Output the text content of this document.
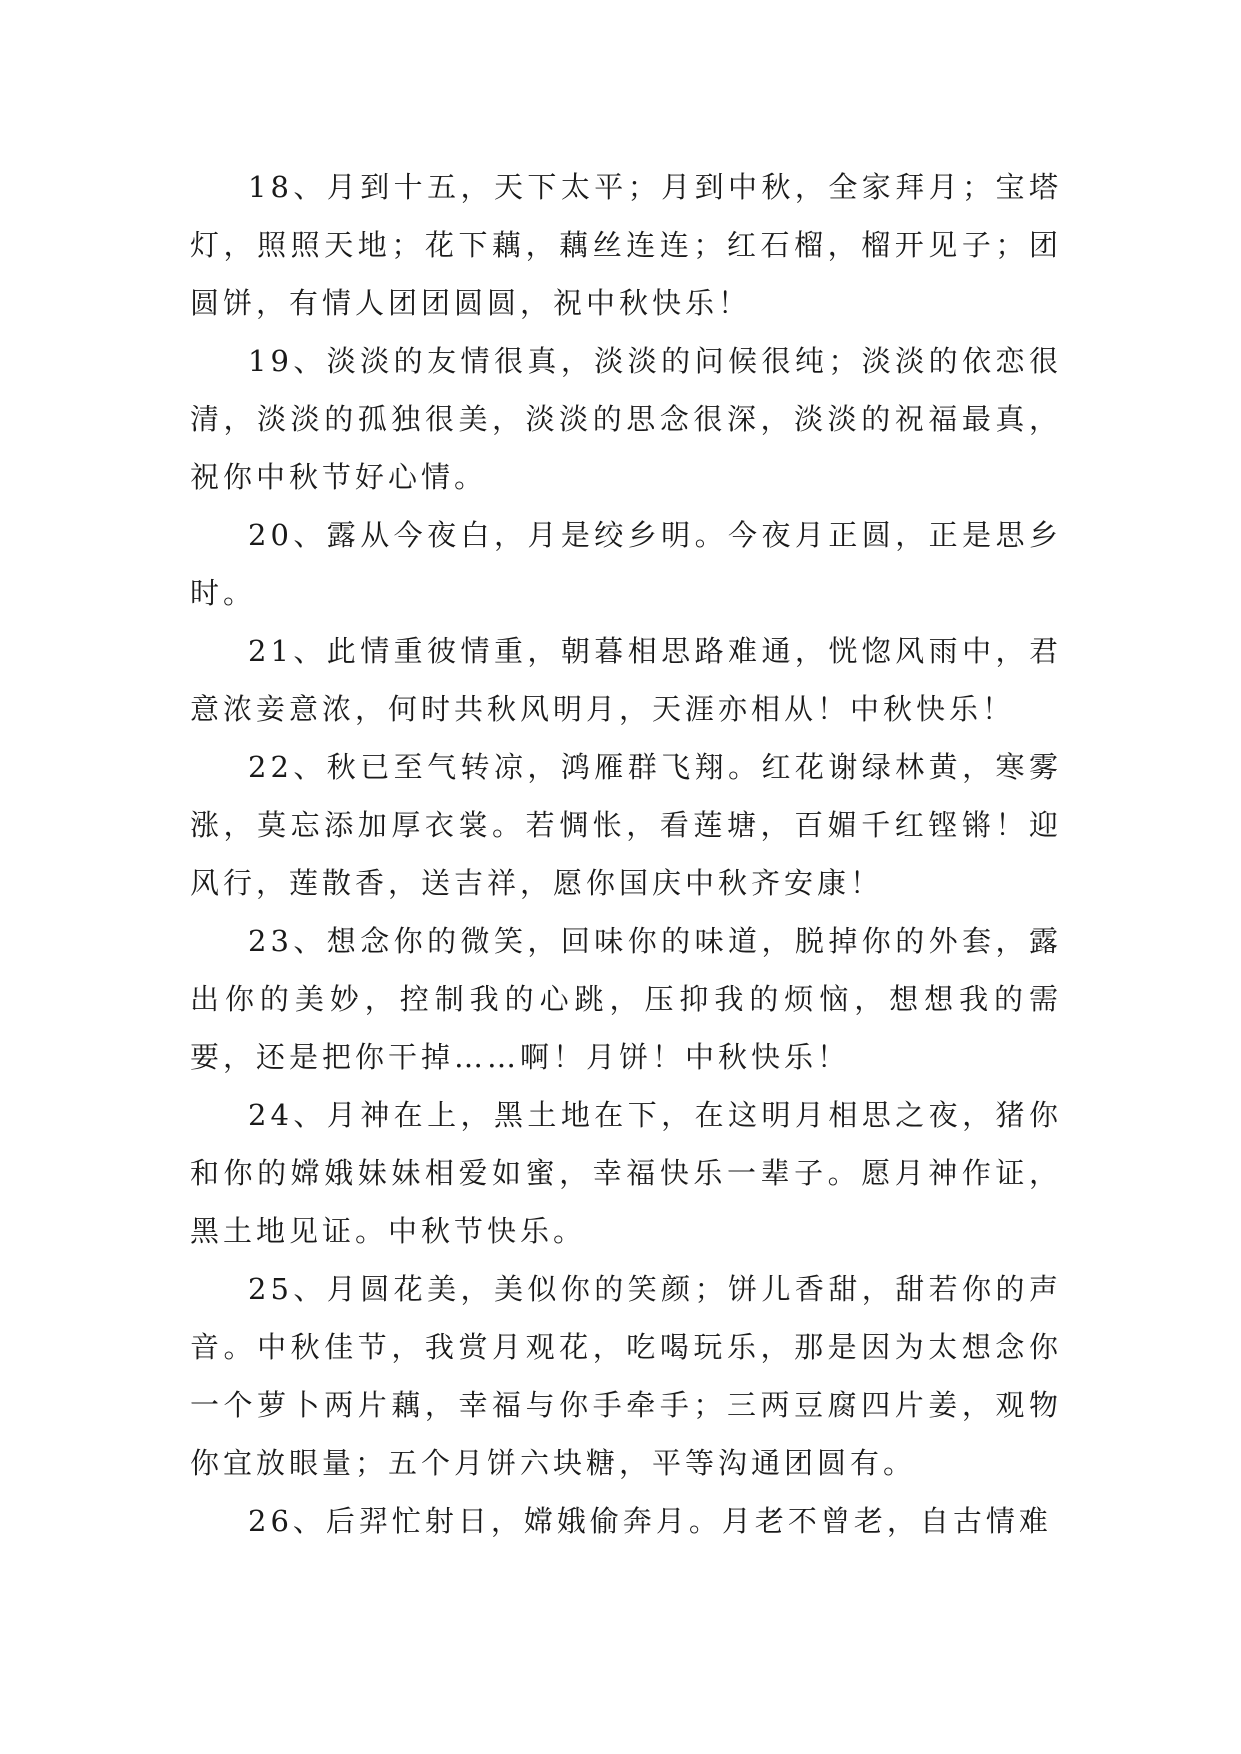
18、月到十五，天下太平；月到中秋，全家拜月；宝塔灯，照照天地；花下藕，藕丝连连；红石榴，榴开见子；团圆饼，有情人团团圆圆，祝中秋快乐！

19、淡淡的友情很真，淡淡的问候很纯；淡淡的依恋很清，淡淡的孤独很美，淡淡的思念很深，淡淡的祝福最真，祝你中秋节好心情。

20、露从今夜白，月是绞乡明。今夜月正圆，正是思乡时。

21、此情重彼情重，朝暮相思路难通，恍惚风雨中，君意浓妾意浓，何时共秋风明月，天涯亦相从！中秋快乐！

22、秋已至气转凉，鸿雁群飞翔。红花谢绿林黄，寒雾涨，莫忘添加厚衣裳。若惆怅，看莲塘，百媚千红铿锵！迎风行，莲散香，送吉祥，愿你国庆中秋齐安康！

23、想念你的微笑，回味你的味道，脱掉你的外套，露出你的美妙，控制我的心跳，压抑我的烦恼，想想我的需要，还是把你干掉……啊！月饼！中秋快乐！

24、月神在上，黑土地在下，在这明月相思之夜，猪你和你的嫦娥妹妹相爱如蜜，幸福快乐一辈子。愿月神作证，黑土地见证。中秋节快乐。

25、月圆花美，美似你的笑颜；饼儿香甜，甜若你的声音。中秋佳节，我赏月观花，吃喝玩乐，那是因为太想念你一个萝卜两片藕，幸福与你手牵手；三两豆腐四片姜，观物你宜放眼量；五个月饼六块糖，平等沟通团圆有。

26、后羿忙射日，嫦娥偷奔月。月老不曾老，自古情难
